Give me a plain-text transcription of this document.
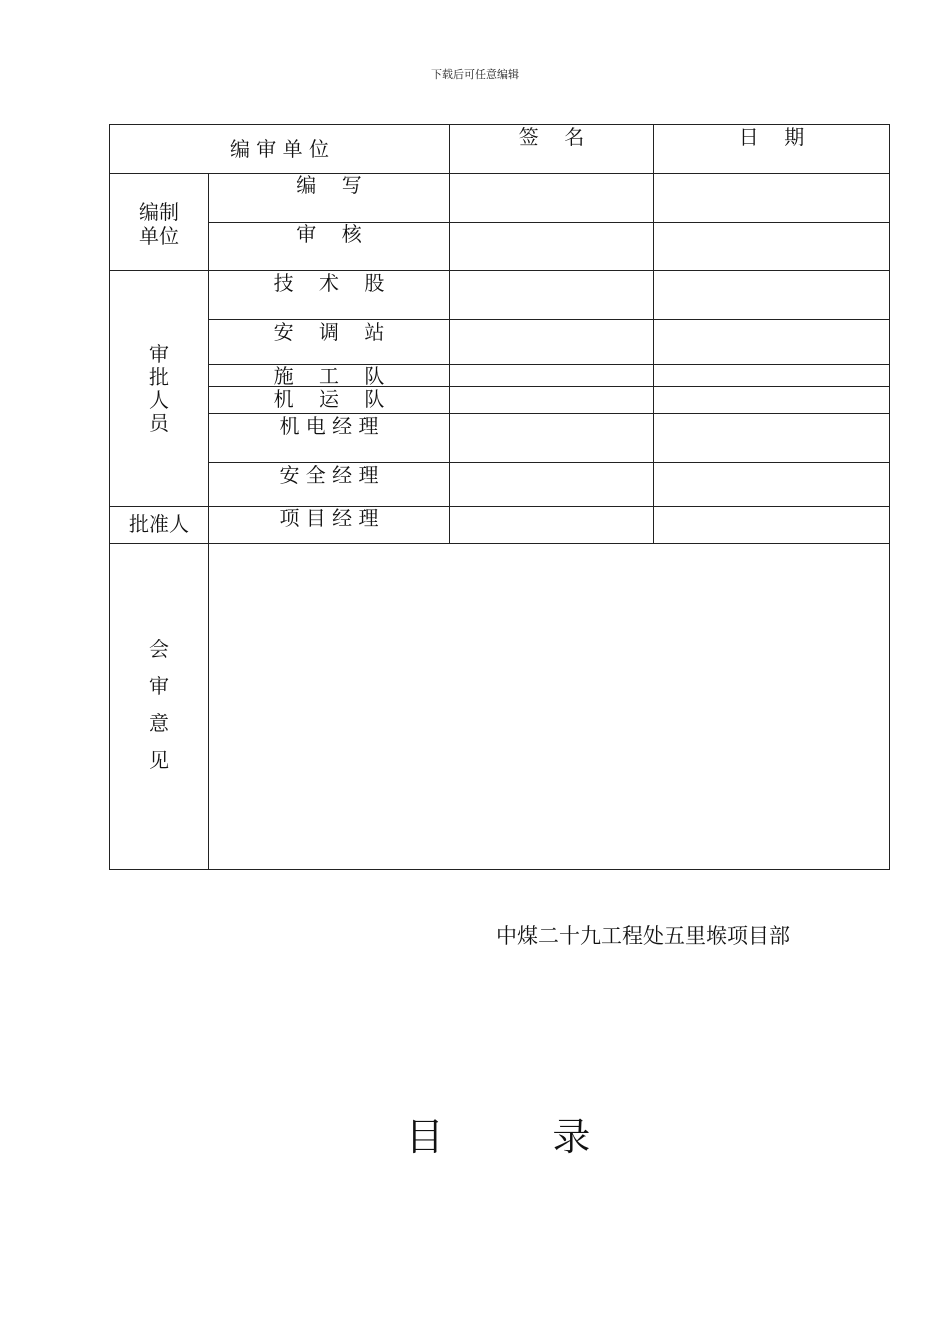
下载后可任意编辑
编 审 单 位	签    名	日    期
编制
单位
审
批
人
员
批准人
会

审

意

见
编    写
审    核
技    术    股
安    调    站
施    工    队
机    运    队
机 电 经 理
安 全 经 理
项 目 经 理
中煤二十九工程处五里堠项目部
目         录
